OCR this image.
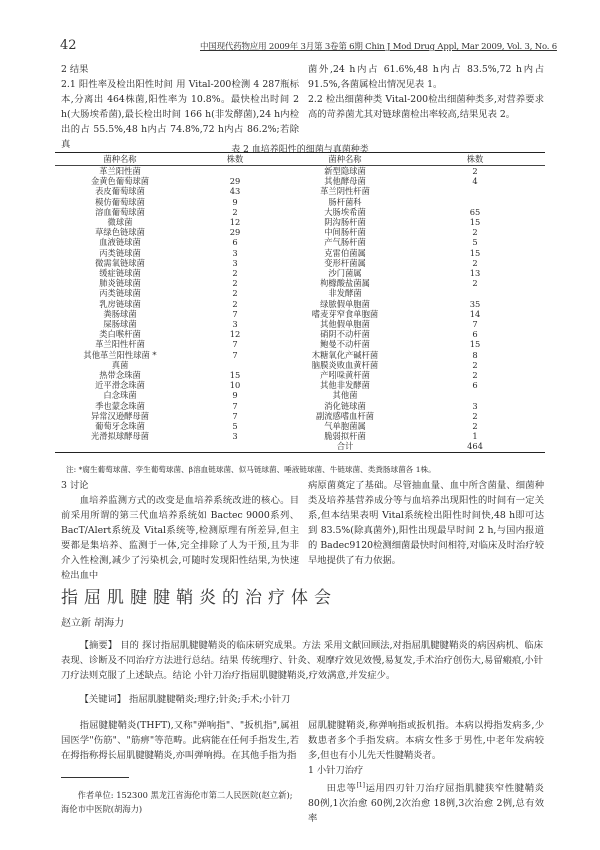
42	中国现代药物应用 2009年 3月第 3卷第 6期 Chin J Mod Drug Appl, Mar 2009, Vol. 3, No. 6

2 结果

2.1 阳性率及检出阳性时间 用 Vital-200检测 4 287瓶标本,分离出 464株菌,阳性率为 10.8%。最快检出时间 2 h(大肠埃希菌),最长检出时间 166 h(非发酵菌),24 h内检出的占 55.5%,48 h内占 74.8%,72 h内占 86.2%;若除真

菌外,24 h内占 61.6%,48 h内占 83.5%,72 h内占 91.5%,各菌属检出情况见表 1。

2.2 检出细菌种类 Vital-200检出细菌种类多,对营养要求高的苛养菌尤其对链球菌检出率较高,结果见表 2。

表 2 血培养阳性的细菌与真菌种类
菌种名称	株数	菌种名称	株数
革兰阳性菌		新型隐球菌	2
金黄色葡萄球菌	29	其他酵母菌	4
表皮葡萄球菌	43	革兰阴性杆菌	
模仿葡萄球菌	9	肠杆菌科	
溶血葡萄球菌	2	大肠埃希菌	65
微球菌	12	阴沟肠杆菌	15
草绿色链球菌	29	中间肠杆菌	2
血液链球菌	6	产气肠杆菌	5
丙类链球菌	3	克雷伯菌属	15
微需氧链球菌	3	变形杆菌属	2
缓症链球菌	2	沙门菌属	13
肺炎链球菌	2	枸橼酸盐菌属	2
丙类链球菌	2	非发酵菌	
乳房链球菌	2	绿脓假单胞菌	35
粪肠球菌	7	嗜麦芽窄食单胞菌	14
屎肠球菌	3	其他假单胞菌	7
类白喉杆菌	12	硝阴不动杆菌	6
革兰阳性杆菌	7	鲍曼不动杆菌	15
其他革兰阳性球菌 *	7	木糖氧化产碱杆菌	8
真菌		脑膜炎败血黄杆菌	2
热带念珠菌	15	产吲哚黄杆菌	2
近平滑念珠菌	10	其他非发酵菌	6
白念珠菌	9	其他菌	
季也蒙念珠菌	7	消化链球菌	3
异常汉逊酵母菌	7	副流感嗜血杆菌	2
葡萄牙念珠菌	5	气单胞菌属	2
光滑拟球酵母菌	3	脆弱拟杆菌	1
		合计	464
注: *腐生葡萄球菌、孪生葡萄球菌、β溶血链球菌、似马链球菌、唾液链球菌、牛链球菌、类粪肠球菌各 1株。

3 讨论

血培养监测方式的改变是血培养系统改进的核心。目前采用所谓的第三代血培养系统如 Bactec 9000系列、BacT/Alert系统及 Vital系统等,检测原理有所差异,但主要都是集培养、监测于一体,完全排除了人为干预,且为非介入性检测,减少了污染机会,可随时发现阳性结果,为快速检出血中

病原菌奠定了基础。尽管抽血量、血中所含菌量、细菌种类及培养基营养成分等与血培养出现阳性的时间有一定关系,但本结果表明 Vital系统检出阳性时间快,48 h即可达到 83.5%(除真菌外),阳性出现最早时间 2 h,与国内报道的 Badec9120检测细菌最快时间相符,对临床及时治疗较早地提供了有力依据。

指屈肌腱腱鞘炎的治疗体会
赵立新 胡海力

【摘要】 目的 探讨指屈肌腱腱鞘炎的临床研究成果。方法 采用文献回顾法,对指屈肌腱腱鞘炎的病因病机、临床表现、诊断及不同治疗方法进行总结。结果 传统理疗、针灸、观摩疗效见效慢,易复发,手术治疗创伤大,易留瘢痕,小针刀疗法则克服了上述缺点。结论 小针刀治疗指屈肌腱腱鞘炎,疗效满意,并发症少。

【关键词】 指屈肌腱腱鞘炎;理疗;针灸;手术;小针刀

指屈腱腱鞘炎(THFT),又称"弹响指"、"扳机指",属祖国医学"伤筋"、"筋痹"等范畴。此病能在任何手指发生,若在拇指称拇长屈肌腱腱鞘炎,亦叫弹响拇。在其他手指为指

作者单位: 152300 黑龙江省海伦市第二人民医院(赵立新);海伦市中医院(胡海力)

屈肌腱腱鞘炎,称弹响指或扳机指。本病以拇指发病多,少数患者多个手指发病。本病女性多于男性,中老年发病较多,但也有小儿先天性腱鞘炎者。

1 小针刀治疗

田忠等[1]运用四刃针刀治疗屈指肌腱狭窄性腱鞘炎 80例,1次治愈 60例,2次治愈 18例,3次治愈 2例,总有效率
